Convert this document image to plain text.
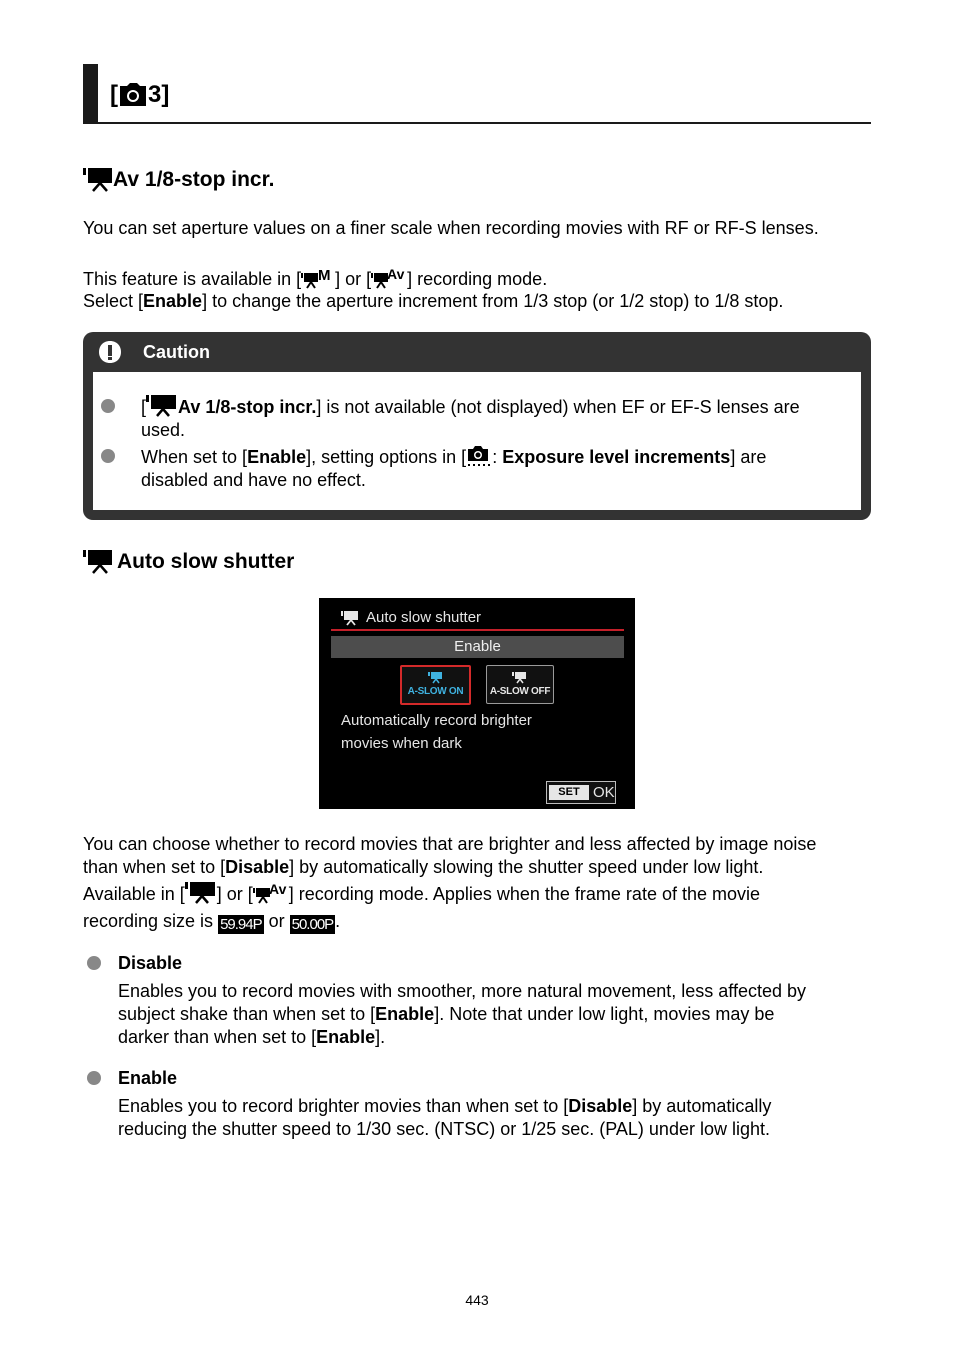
[ 3 ]
Av 1/8-stop incr.
You can set aperture values on a finer scale when recording movies with RF or RF-S lenses.
This feature is available in [ M ] or [ Av ] recording mode.
Select [Enable] to change the aperture increment from 1/3 stop (or 1/2 stop) to 1/8 stop.
Caution
[ Av 1/8-stop incr.] is not available (not displayed) when EF or EF-S lenses are
used.
When set to [Enable], setting options in [ : Exposure level increments] are
disabled and have no effect.
Auto slow shutter
Auto slow shutter
Enable
A-SLOW ON	A-SLOW OFF
Automatically record brighter
movies when dark
SET OK
You can choose whether to record movies that are brighter and less affected by image noise
than when set to [Disable] by automatically slowing the shutter speed under low light.
Available in [ ] or [ Av ] recording mode. Applies when the frame rate of the movie
recording size is 59.94P or 50.00P .
Disable
Enables you to record movies with smoother, more natural movement, less affected by
subject shake than when set to [Enable]. Note that under low light, movies may be
darker than when set to [Enable].
Enable
Enables you to record brighter movies than when set to [Disable] by automatically
reducing the shutter speed to 1/30 sec. (NTSC) or 1/25 sec. (PAL) under low light.
443
